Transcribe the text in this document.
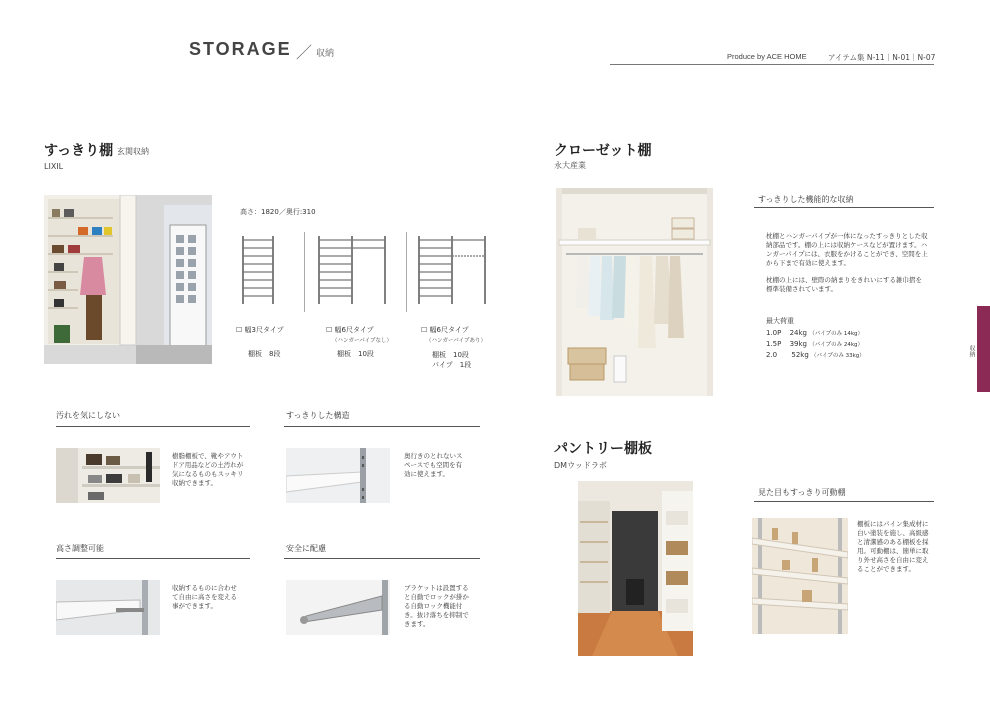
STORAGE ／ 収納	Produce by ACE HOME	アイテム集 N-11｜N-01｜N-07
収納
すっきり棚 玄関収納
LIXIL
高さ：1820／奥行:310
☐ 幅3尺タイプ
棚板　8段
☐ 幅6尺タイプ
（ハンガーパイプなし）
棚板　10段
☐ 幅6尺タイプ
（ハンガーパイプあり）
棚板　10段
パイプ　1段
汚れを気にしない
樹脂棚板で、靴やアウトドア用品などの土汚れが気になるものもスッキリ収納できます。
すっきりした構造
奥行きのとれないスペースでも空間を有効に使えます。
高さ調整可能
収納するものに合わせて自由に高さを変える事ができます。
安全に配慮
ブラケットは設置すると自動でロックが掛かる自動ロック機能付き。抜け落ちを抑制できます。
クローゼット棚
永大産業
すっきりした機能的な収納
枕棚とハンガーパイプが一体になったすっきりとした収納部品です。棚の上には収納ケースなどが置けます。ハンガーパイプには、衣服をかけることができ、空間を上から下まで有効に使えます。
枕棚の上には、壁際の納まりをきれいにする雑巾摺を標準装備されています。
最大荷重
1.0P 24kg （パイプのみ 14kg）
1.5P 39kg （パイプのみ 24kg）
2.0 52kg （パイプのみ 33kg）
パントリー棚板
DMウッドラボ
見た目もすっきり可動棚
棚板にはパイン集成材に白い塗装を施し、高級感と清潔感のある棚板を採用。可動棚は、簡単に取り外せ高さを自由に変えることができます。
